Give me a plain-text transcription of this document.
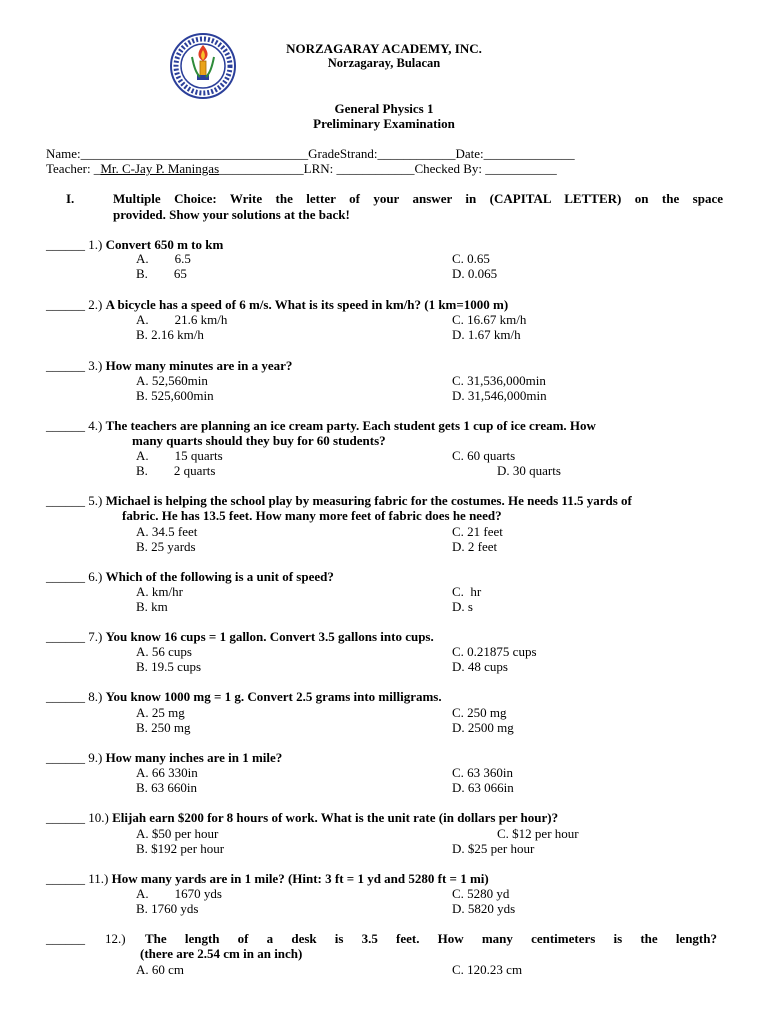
NORZAGARAY ACADEMY, INC.
Norzagaray, Bulacan
General Physics 1
Preliminary Examination
Name:___________________________________GradeStrand:____________Date:______________
Teacher: _Mr. C-Jay P. Maningas_____________LRN: ____________Checked By: ___________
I.	Multiple Choice: Write the letter of your answer in (CAPITAL LETTER) on the space
provided. Show your solutions at the back!
______ 1.) Convert 650 m to km
A.        6.5	C. 0.65
B.        65	D. 0.065
______ 2.) A bicycle has a speed of 6 m/s. What is its speed in km/h? (1 km=1000 m)
A.        21.6 km/h	C. 16.67 km/h
B. 2.16 km/h	D. 1.67 km/h
______ 3.) How many minutes are in a year?
A. 52,560min	C. 31,536,000min
B. 525,600min	D. 31,546,000min
______ 4.) The teachers are planning an ice cream party. Each student gets 1 cup of ice cream. How
many quarts should they buy for 60 students?
A.        15 quarts	C. 60 quarts
B.        2 quarts	D. 30 quarts
______ 5.) Michael is helping the school play by measuring fabric for the costumes. He needs 11.5 yards of
fabric. He has 13.5 feet. How many more feet of fabric does he need?
A. 34.5 feet	C. 21 feet
B. 25 yards	D. 2 feet
______ 6.) Which of the following is a unit of speed?
A. km/hr	C.  hr
B. km	D. s
______ 7.) You know 16 cups = 1 gallon. Convert 3.5 gallons into cups.
A. 56 cups	C. 0.21875 cups
B. 19.5 cups	D. 48 cups
______ 8.) You know 1000 mg = 1 g. Convert 2.5 grams into milligrams.
A. 25 mg	C. 250 mg
B. 250 mg	D. 2500 mg
______ 9.) How many inches are in 1 mile?
A. 66 330in	C. 63 360in
B. 63 660in	D. 63 066in
______ 10.) Elijah earn $200 for 8 hours of work. What is the unit rate (in dollars per hour)?
A. $50 per hour	C. $12 per hour
B. $192 per hour	D. $25 per hour
______ 11.) How many yards are in 1 mile? (Hint: 3 ft = 1 yd and 5280 ft = 1 mi)
A.        1670 yds	C. 5280 yd
B. 1760 yds	D. 5820 yds
______ 12.) The length of a desk is 3.5 feet. How many centimeters is the length?
(there are 2.54 cm in an inch)
A. 60 cm	C. 120.23 cm
